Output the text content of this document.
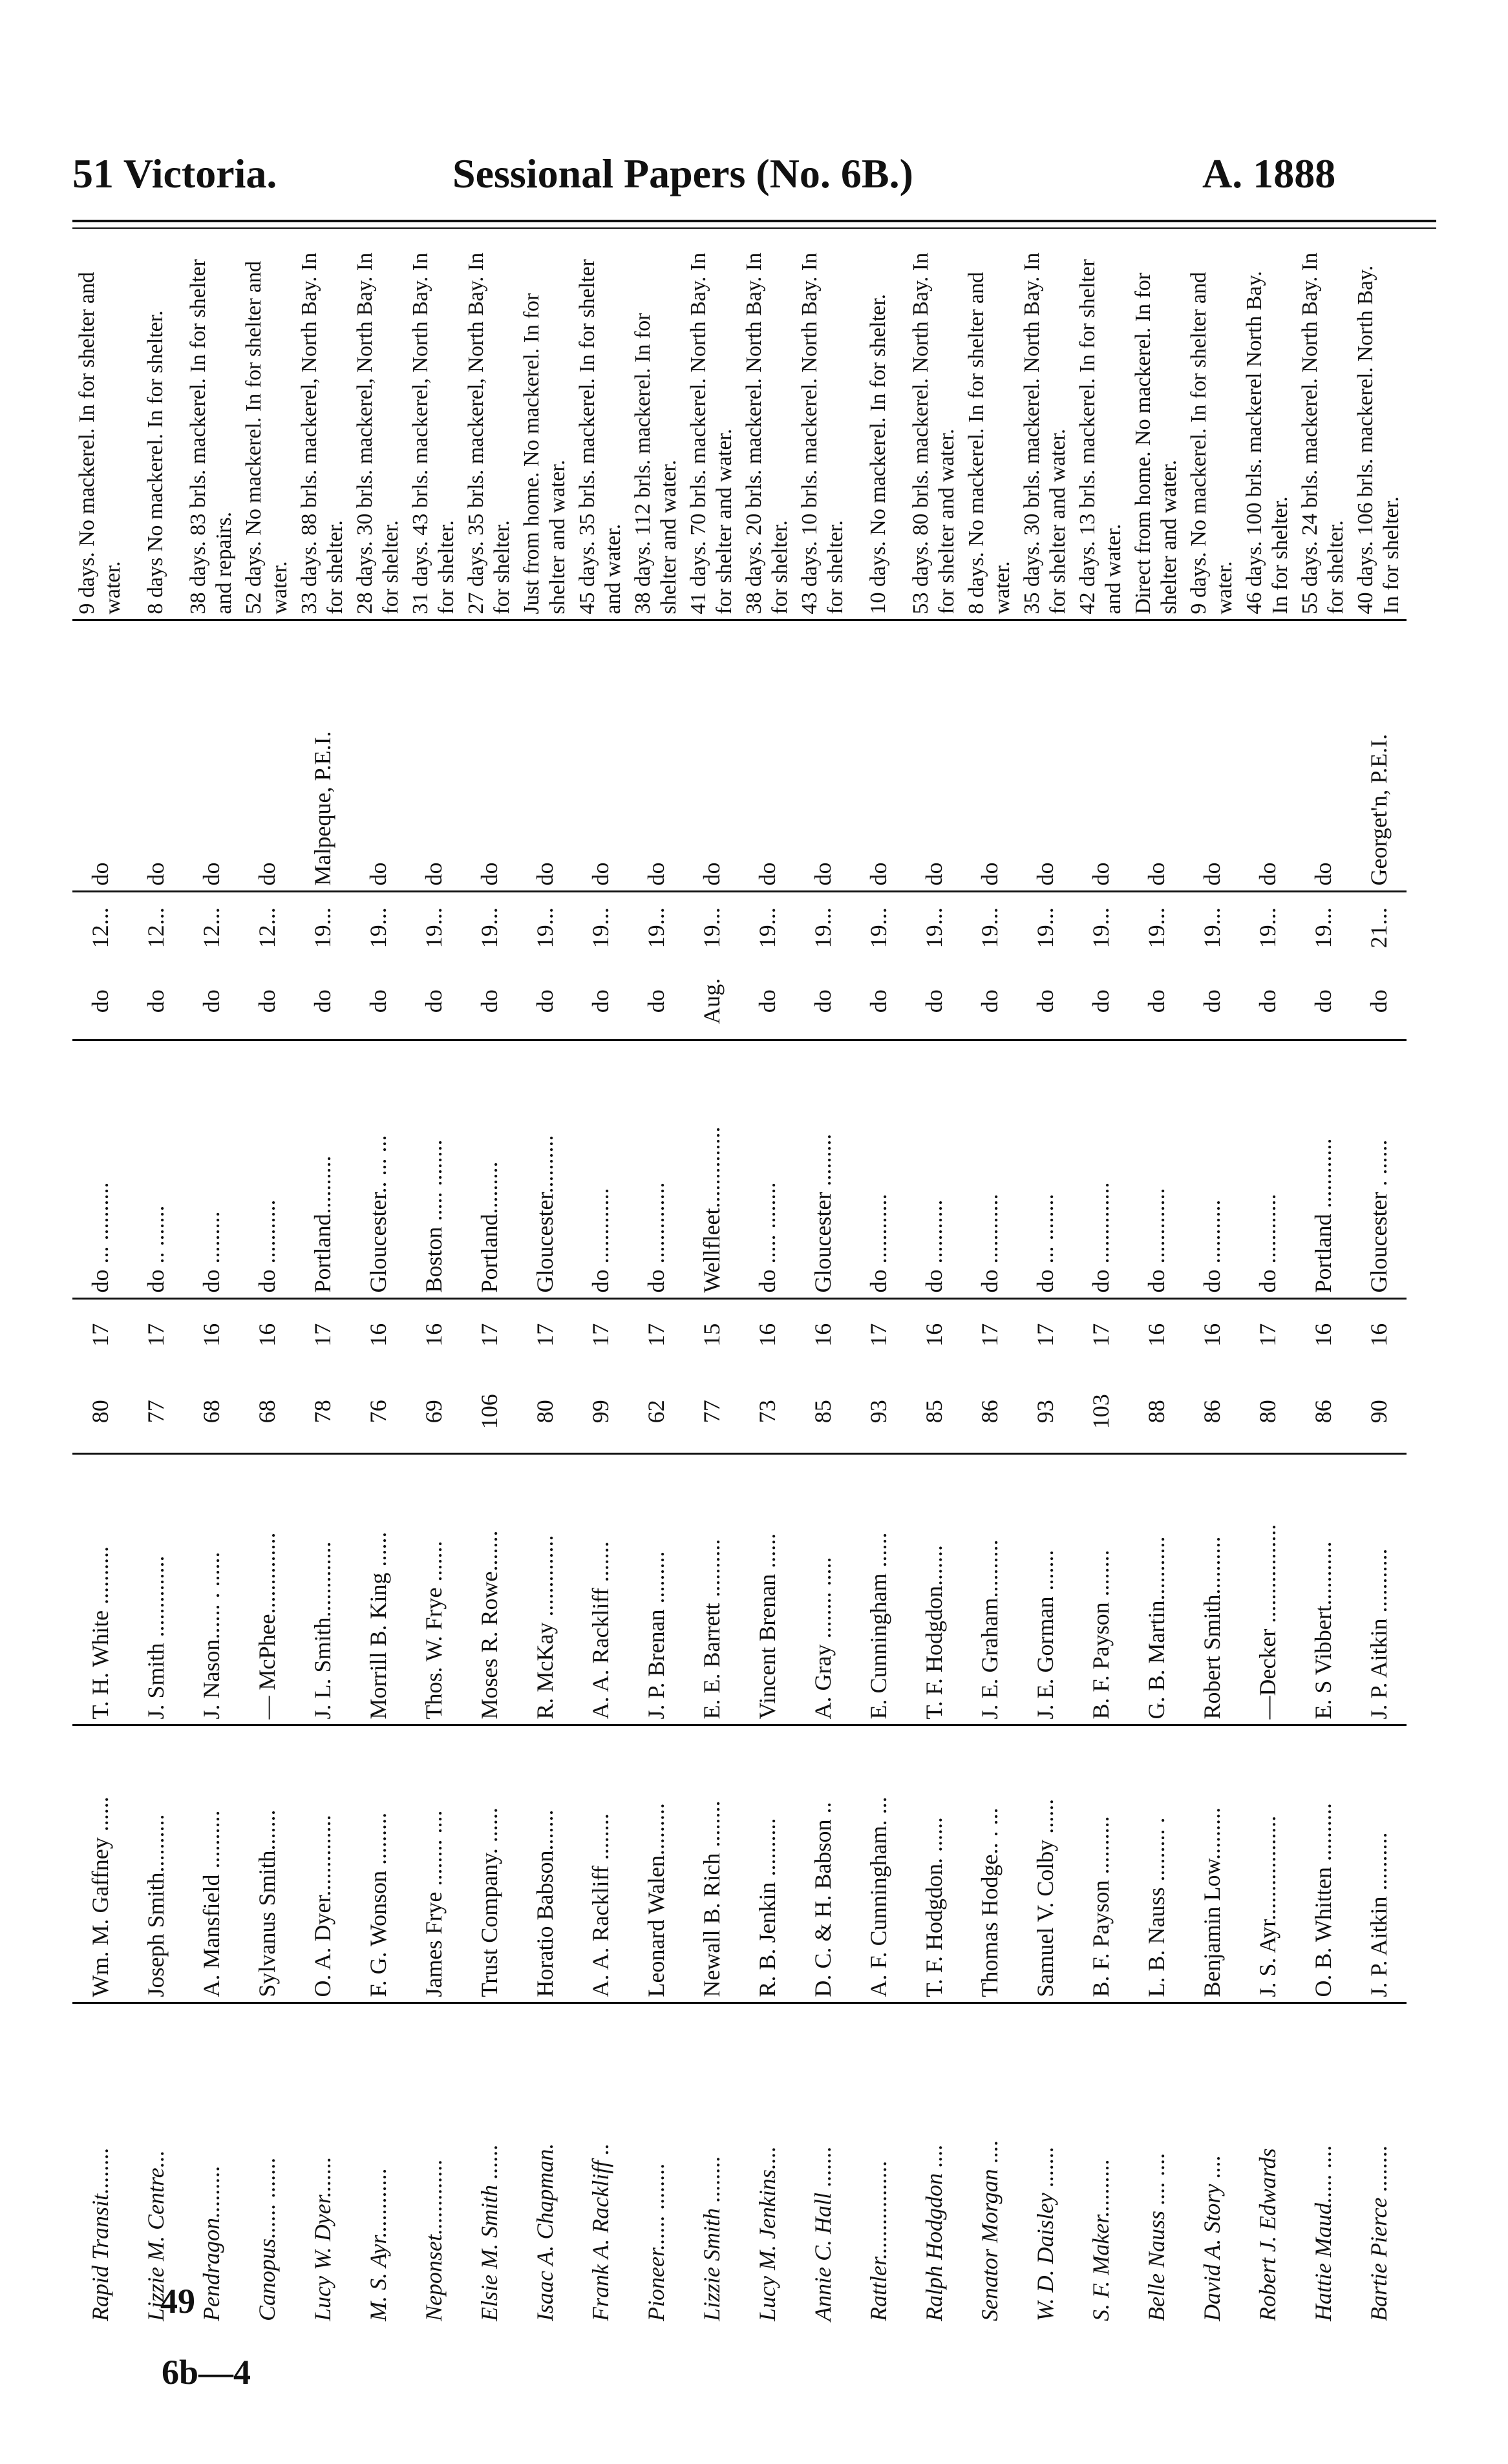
51 Victoria.	Sessional Papers (No. 6B.)	A. 1888
Rapid Transit........	Wm. M. Gaffney ......	T. H. White ..........	80	17	do ... ..........	do	12...	do	9 days. No mackerel. In for shelter and water.
Lizzie M. Centre...	Joseph Smith..........	J. Smith ..............	77	17	do .. .......	do	12...	do	8 days No mackerel. In for shelter.
Pendragon.........	A. Mansfield ..........	J. Nason...... . ......	68	16	do .........	do	12...	do	38 days. 83 brls. mackerel. In for shelter and repairs.
Canopus...... .......	Sylvanus Smith.......	— McPhee..............	68	16	do ...........	do	12...	do	52 days. No mackerel. In for shelter and water.
Lucy W. Dyer.......	O. A. Dyer..............	J. L. Smith.............	78	17	Portland..........	do	19...	Malpeque, P.E.I.	33 days. 88 brls. mackerel, North Bay. In for shelter.
M. S. Ayr............	F. G. Wonson .........	Morrill B. King ......	76	16	Gloucester.. ... ...	do	19...	do	28 days. 30 brls. mackerel, North Bay. In for shelter.
Neponset.............	James Frye ........ ....	Thos. W. Frye .......	69	16	Boston ..... ........	do	19...	do	31 days. 43 brls. mackerel, North Bay. In for shelter.
Elsie M. Smith ......	Trust Company. ......	Moses R. Rowe.......	106	17	Portland.........	do	19...	do	27 days. 35 brls. mackerel, North Bay. In for shelter.
Isaac A. Chapman.	Horatio Babson.......	R. McKay ..............	80	17	Gloucester..........	do	19...	do	Just from home. No mackerel. In for shelter and water.
Frank A. Rackliff ..	A. A. Rackliff ........	A. A. Rackliff .......	99	17	do .............	do	19...	do	45 days. 35 brls. mackerel. In for shelter and water.
Pioneer...... ........	Leonard Walen.........	J. P. Brenan .........	62	17	do ..............	do	19...	do	38 days. 112 brls. mackerel. In for shelter and water.
Lizzie Smith ........	Newall B. Rich ........	E. E. Barrett ..........	77	15	Wellfleet..............	Aug.	19...	do	41 days. 70 brls. mackerel. North Bay. In for shelter and water.
Lucy M. Jenkins....	R. B. Jenkin ..........	Vincent Brenan ......	73	16	do ..... ........	do	19...	do	38 days. 20 brls. mackerel. North Bay. In for shelter.
Annie C. Hall .......	D. C. & H. Babson ..	A. Gray ........ .....	85	16	Gloucester .........	do	19...	do	43 days. 10 brls. mackerel. North Bay. In for shelter.
Rattler.................	A. F. Cunningham. ...	E. Cunningham ......	93	17	do ............	do	19...	do	10 days. No mackerel. In for shelter.
Ralph Hodgdon ....	T. F. Hodgdon. ......	T. F. Hodgdon.......	85	16	do ...........	do	19...	do	53 days. 80 brls. mackerel. North Bay. In for shelter and water.
Senator Morgan ....	Thomas Hodge.. . ...	J. E. Graham..........	86	17	do ............	do	19...	do	8 days. No mackerel. In for shelter and water.
W. D. Daisley .......	Samuel V. Colby ......	J. E. Gorman .......	93	17	do ... ........	do	19...	do	35 days. 30 brls. mackerel. North Bay. In for shelter and water.
S. F. Maker..........	B. F. Payson ..........	B. F. Payson ........	103	17	do ..............	do	19...	do	42 days. 13 brls. mackerel. In for shelter and water.
Belle Nauss .... ....	L. B. Nauss ......... .	G. B. Martin...........	88	16	do .............	do	19...	do	Direct from home. No mackerel. In for shelter and water.
David A. Story ....	Benjamin Low.........	Robert Smith..........	86	16	do ...........	do	19...	do	9 days. No mackerel. In for shelter and water.
Robert J. Edwards	J. S. Ayr..................	—Decker .................	80	17	do ............	do	19...	do	46 days. 100 brls. mackerel North Bay. In for shelter.
Hattie Maud..... ....	O. B. Whitten ..........	E. S Vibbert...........	86	16	Portland ............	do	19...	do	55 days. 24 brls. mackerel. North Bay. In for shelter.
Bartie Pierce ........	J. P. Aitkin ..........	J. P. Aitkin ...........	90	16	Gloucester . ......	do	21...	Georget'n, P.E.I.	40 days. 106 brls. mackerel. North Bay. In for shelter.
49
6b—4
